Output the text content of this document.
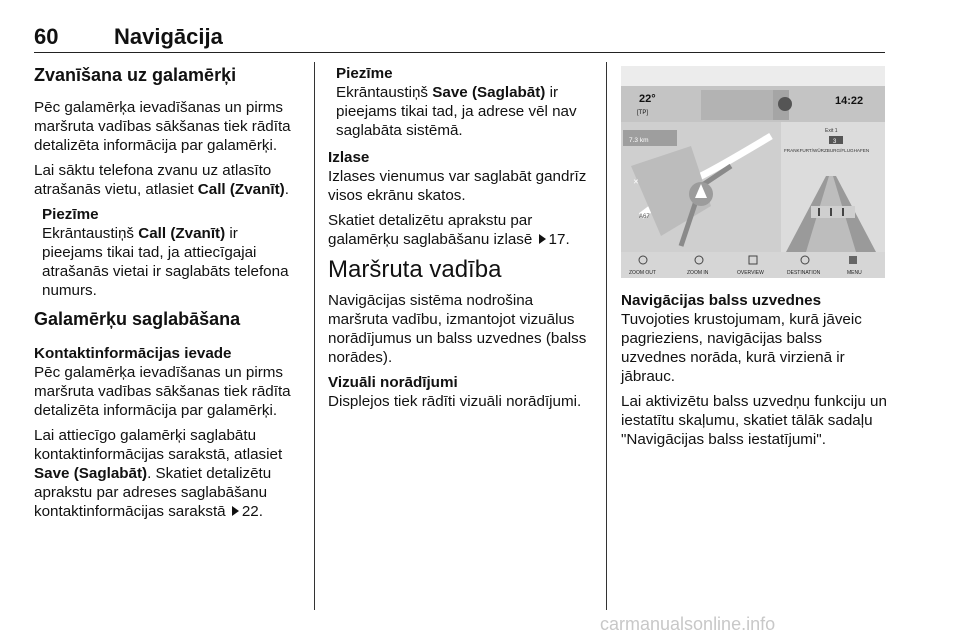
60	Navigācija
Zvanīšana uz galamērķi

Pēc galamērķa ievadīšanas un pirms maršruta vadības sākšanas tiek rādīta detalizēta informācija par galamērķi.

Lai sāktu telefona zvanu uz atlasīto atrašanās vietu, atlasiet Call (Zvanīt).

Piezīme
Ekrāntaustiņš Call (Zvanīt) ir pieejams tikai tad, ja attiecīgajai atrašanās vietai ir saglabāts telefona numurs.
Galamērķu saglabāšana

Kontaktinformācijas ievade

Pēc galamērķa ievadīšanas un pirms maršruta vadības sākšanas tiek rādīta detalizēta informācija par galamērķi.

Lai attiecīgo galamērķi saglabātu kontaktinformācijas sarakstā, atlasiet Save (Saglabāt). Skatiet detalizētu aprakstu par adreses saglabāšanu kontaktinformācijas sarakstā 22.

Piezīme
Ekrāntaustiņš Save (Saglabāt) ir pieejams tikai tad, ja adrese vēl nav saglabāta sistēmā.

Izlase

Izlases vienumus var saglabāt gandrīz visos ekrānu skatos.

Skatiet detalizētu aprakstu par galamērķu saglabāšanu izlasē 17.

Maršruta vadība

Navigācijas sistēma nodrošina maršruta vadību, izmantojot vizuālus norādījumus un balss uzvednes (balss norādes).

Vizuāli norādījumi

Displejos tiek rādīti vizuāli norādījumi.

7.3 km
✕
3
Exit 1
FRANKFURT/WÜRZBURG/FLUGHAFEN
A67
ZOOM OUT	ZOOM IN	OVERVIEW	DESTINATION	MENU
22°
[TP]
14:22

Navigācijas balss uzvednes

Tuvojoties krustojumam, kurā jāveic pagrieziens, navigācijas balss uzvednes norāda, kurā virzienā ir jābrauc.

Lai aktivizētu balss uzvedņu funkciju un iestatītu skaļumu, skatiet tālāk sadaļu "Navigācijas balss iestatījumi".

carmanualsonline.info
